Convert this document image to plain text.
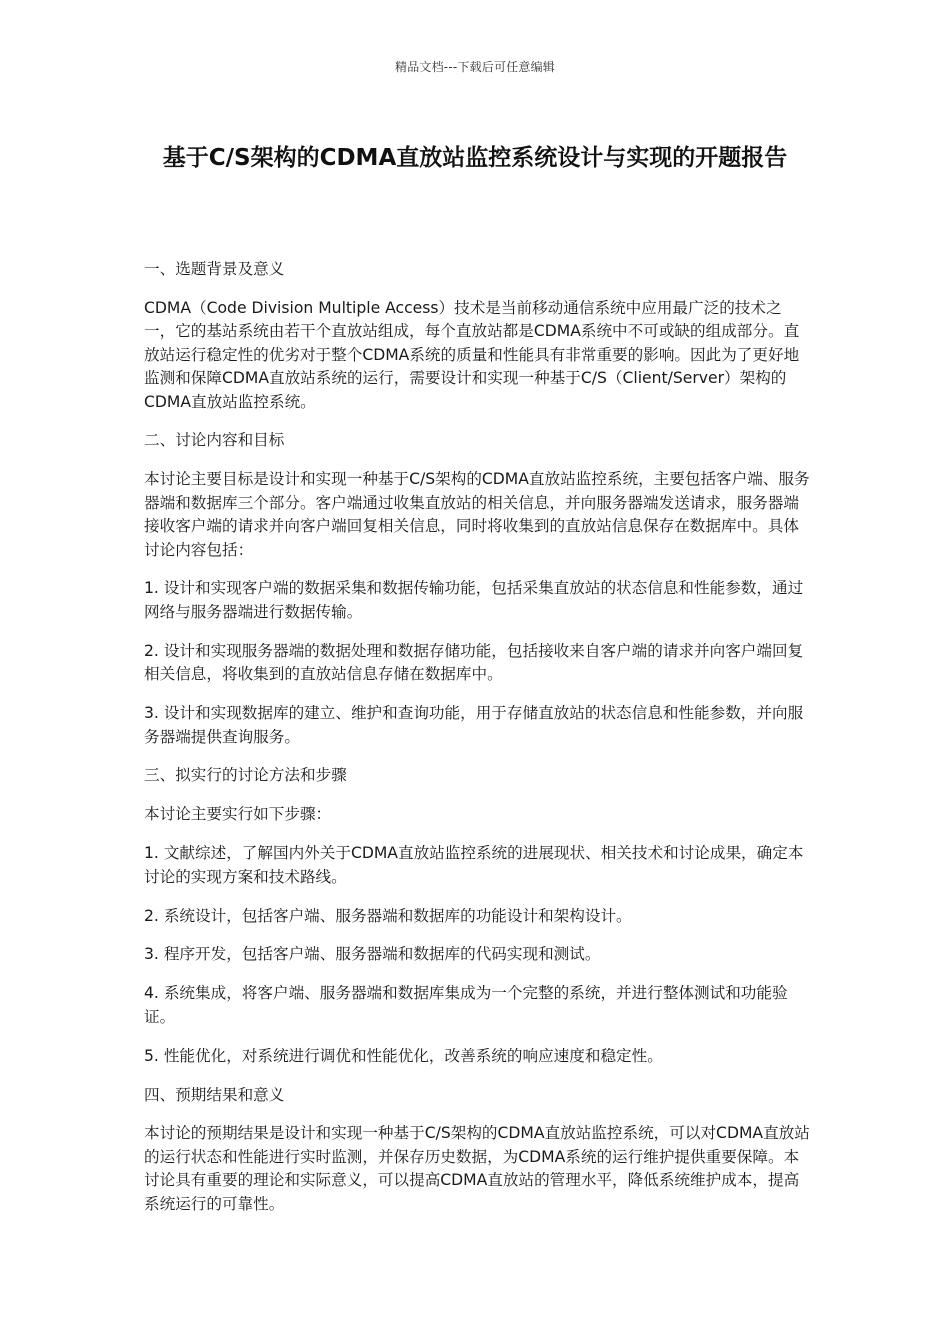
精品文档---下载后可任意编辑
基于C/S架构的CDMA直放站监控系统设计与实现的开题报告

一、选题背景及意义

CDMA（Code Division Multiple Access）技术是当前移动通信系统中应用最广泛的技术之一，它的基站系统由若干个直放站组成，每个直放站都是CDMA系统中不可或缺的组成部分。直放站运行稳定性的优劣对于整个CDMA系统的质量和性能具有非常重要的影响。因此为了更好地监测和保障CDMA直放站系统的运行，需要设计和实现一种基于C/S（Client/Server）架构的CDMA直放站监控系统。

二、讨论内容和目标

本讨论主要目标是设计和实现一种基于C/S架构的CDMA直放站监控系统，主要包括客户端、服务器端和数据库三个部分。客户端通过收集直放站的相关信息，并向服务器端发送请求，服务器端接收客户端的请求并向客户端回复相关信息，同时将收集到的直放站信息保存在数据库中。具体讨论内容包括：

1. 设计和实现客户端的数据采集和数据传输功能，包括采集直放站的状态信息和性能参数，通过网络与服务器端进行数据传输。

2. 设计和实现服务器端的数据处理和数据存储功能，包括接收来自客户端的请求并向客户端回复相关信息，将收集到的直放站信息存储在数据库中。

3. 设计和实现数据库的建立、维护和查询功能，用于存储直放站的状态信息和性能参数，并向服务器端提供查询服务。

三、拟实行的讨论方法和步骤

本讨论主要实行如下步骤：

1. 文献综述，了解国内外关于CDMA直放站监控系统的进展现状、相关技术和讨论成果，确定本讨论的实现方案和技术路线。

2. 系统设计，包括客户端、服务器端和数据库的功能设计和架构设计。

3. 程序开发，包括客户端、服务器端和数据库的代码实现和测试。

4. 系统集成，将客户端、服务器端和数据库集成为一个完整的系统，并进行整体测试和功能验证。

5. 性能优化，对系统进行调优和性能优化，改善系统的响应速度和稳定性。

四、预期结果和意义

本讨论的预期结果是设计和实现一种基于C/S架构的CDMA直放站监控系统，可以对CDMA直放站的运行状态和性能进行实时监测，并保存历史数据，为CDMA系统的运行维护提供重要保障。本讨论具有重要的理论和实际意义，可以提高CDMA直放站的管理水平，降低系统维护成本，提高系统运行的可靠性。
